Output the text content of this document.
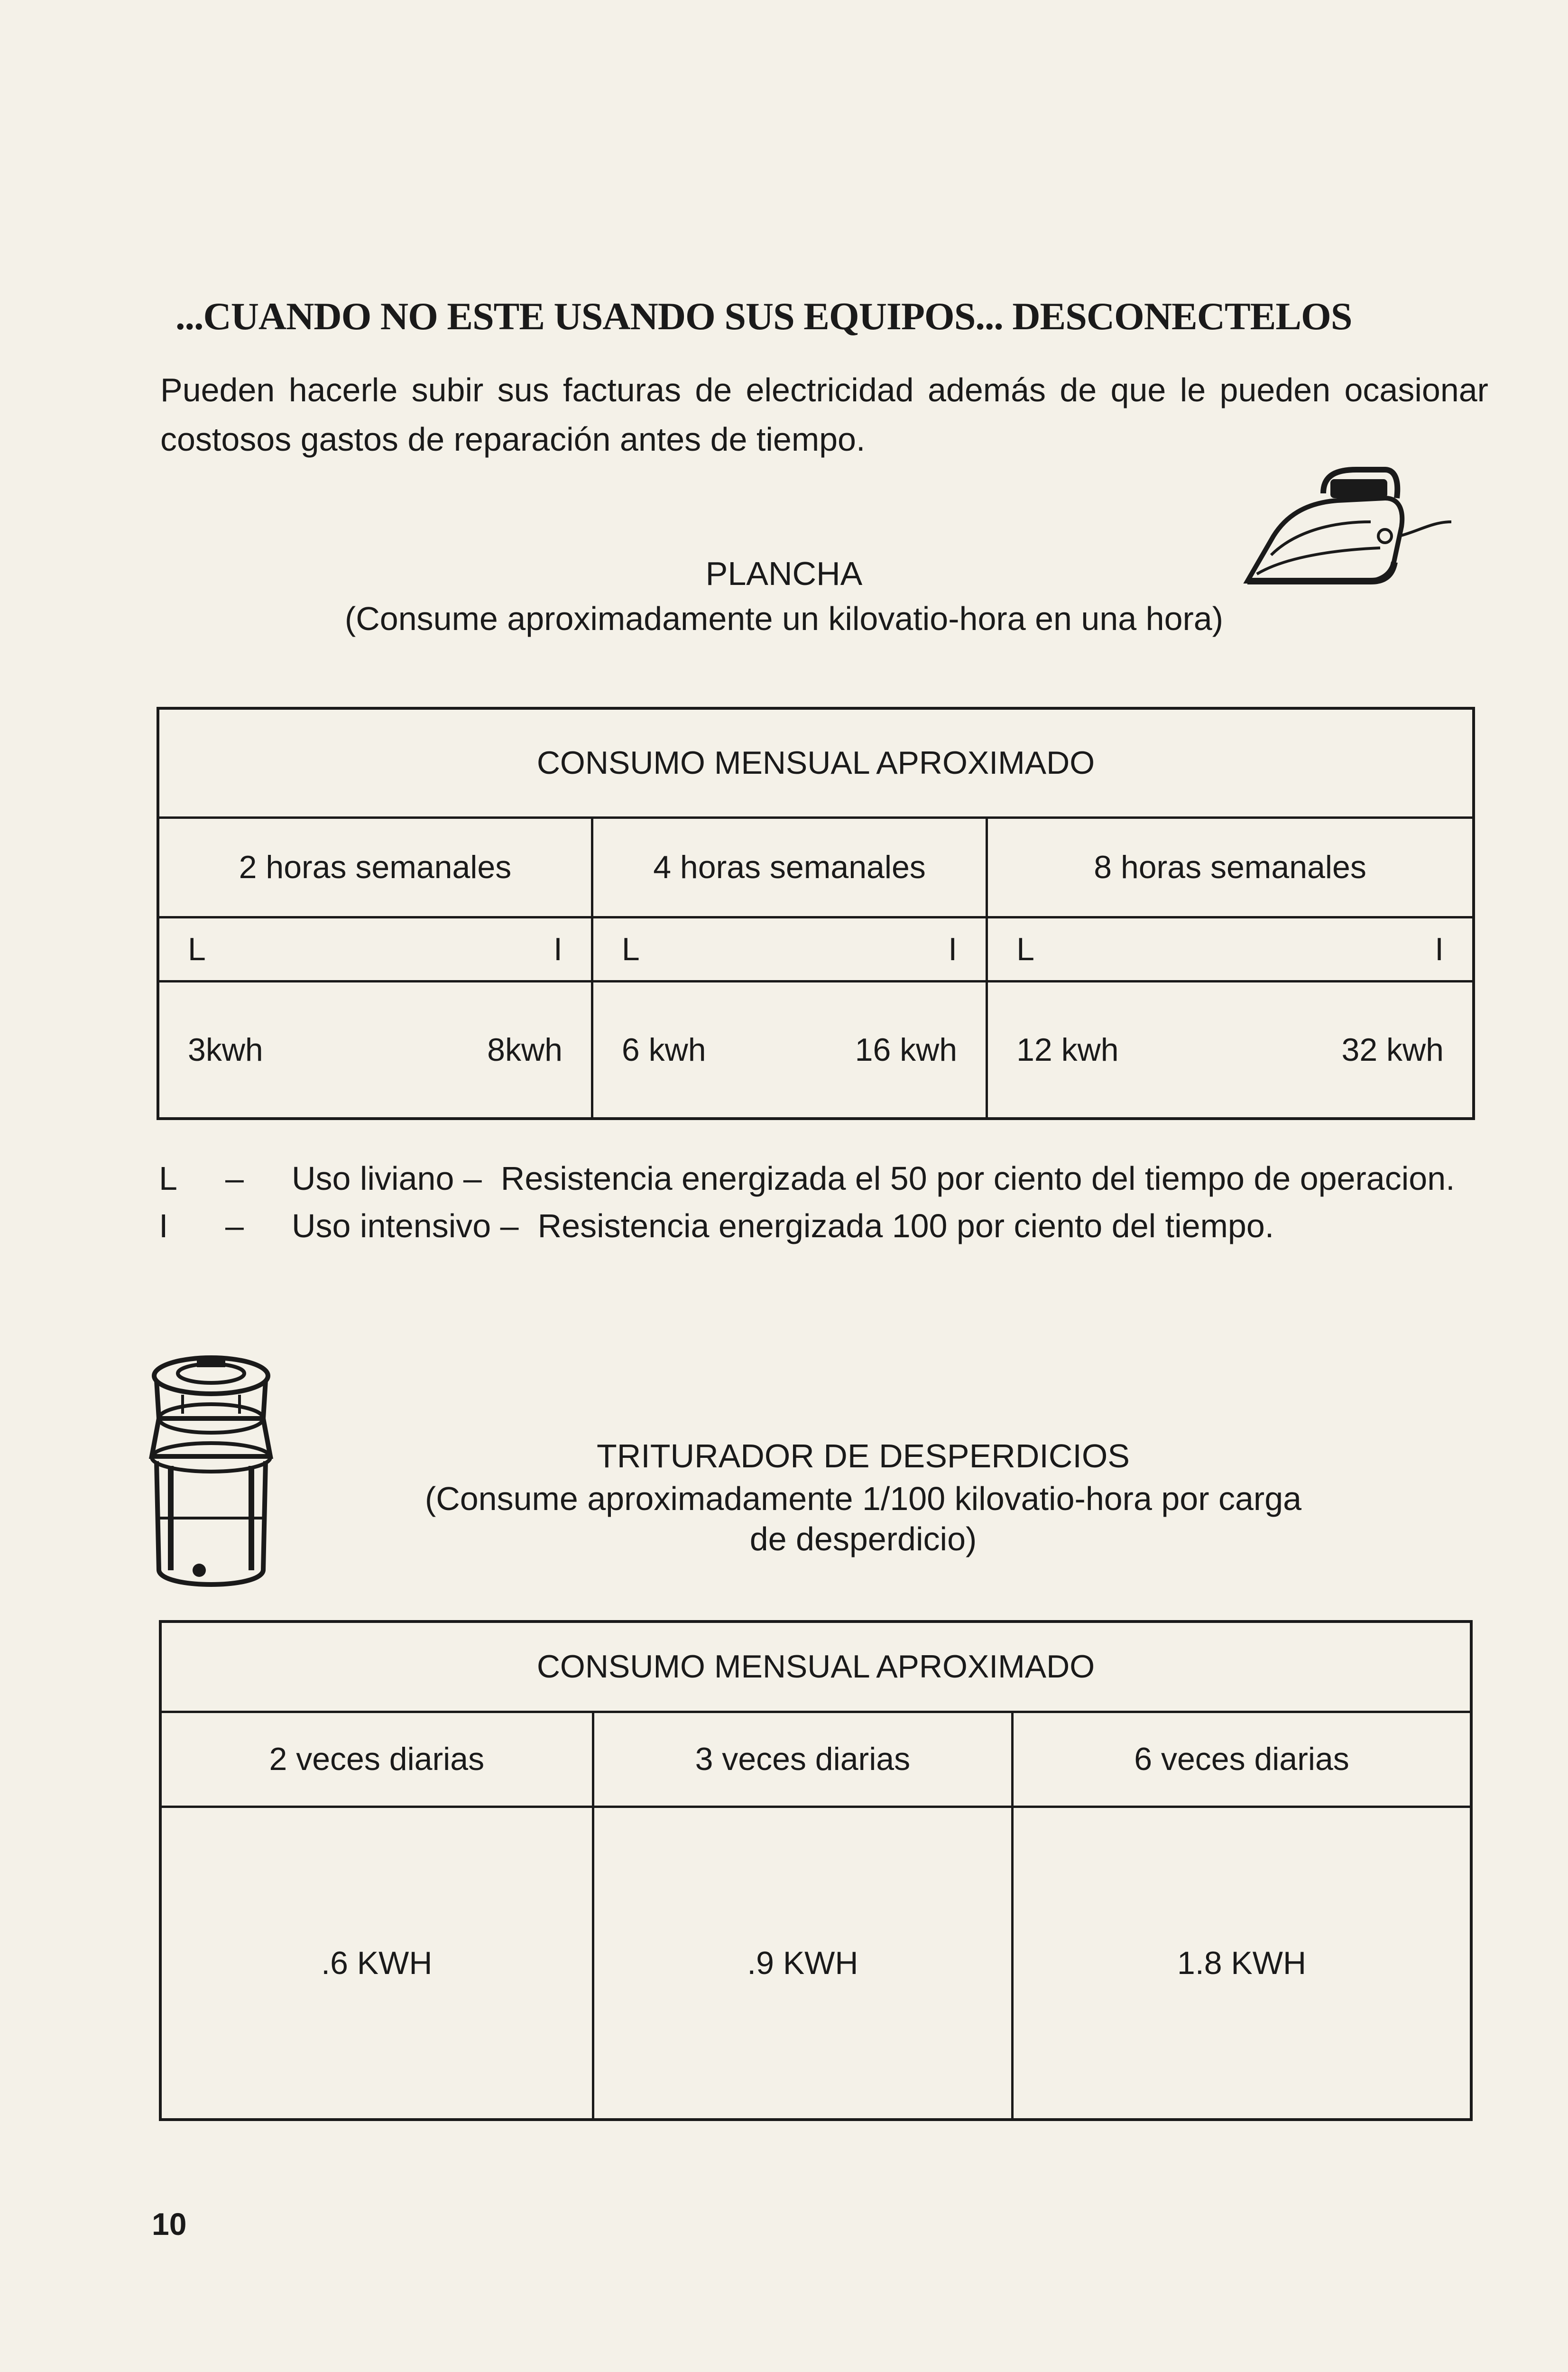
...CUANDO NO ESTE USANDO SUS EQUIPOS... DESCONECTELOS
Pueden hacerle subir sus facturas de electricidad además de que le pueden ocasionar costosos gastos de reparación antes de tiempo.
PLANCHA
(Consume aproximadamente un kilovatio-hora en una hora)
CONSUMO MENSUAL APROXIMADO		
2 horas semanales	4 horas semanales	8 horas semanales

L I	L I	L I

3kwh 8kwh	6 kwh 16 kwh	12 kwh 32 kwh
L	–	Uso liviano – Resistencia energizada el 50 por ciento del tiempo de operacion.
I	–	Uso intensivo – Resistencia energizada 100 por ciento del tiempo.
TRITURADOR DE DESPERDICIOS
(Consume aproximadamente 1/100 kilovatio-hora por carga
de desperdicio)
CONSUMO MENSUAL APROXIMADO		
2 veces diarias	3 veces diarias	6 veces diarias
.6 KWH	.9 KWH	1.8 KWH
10
